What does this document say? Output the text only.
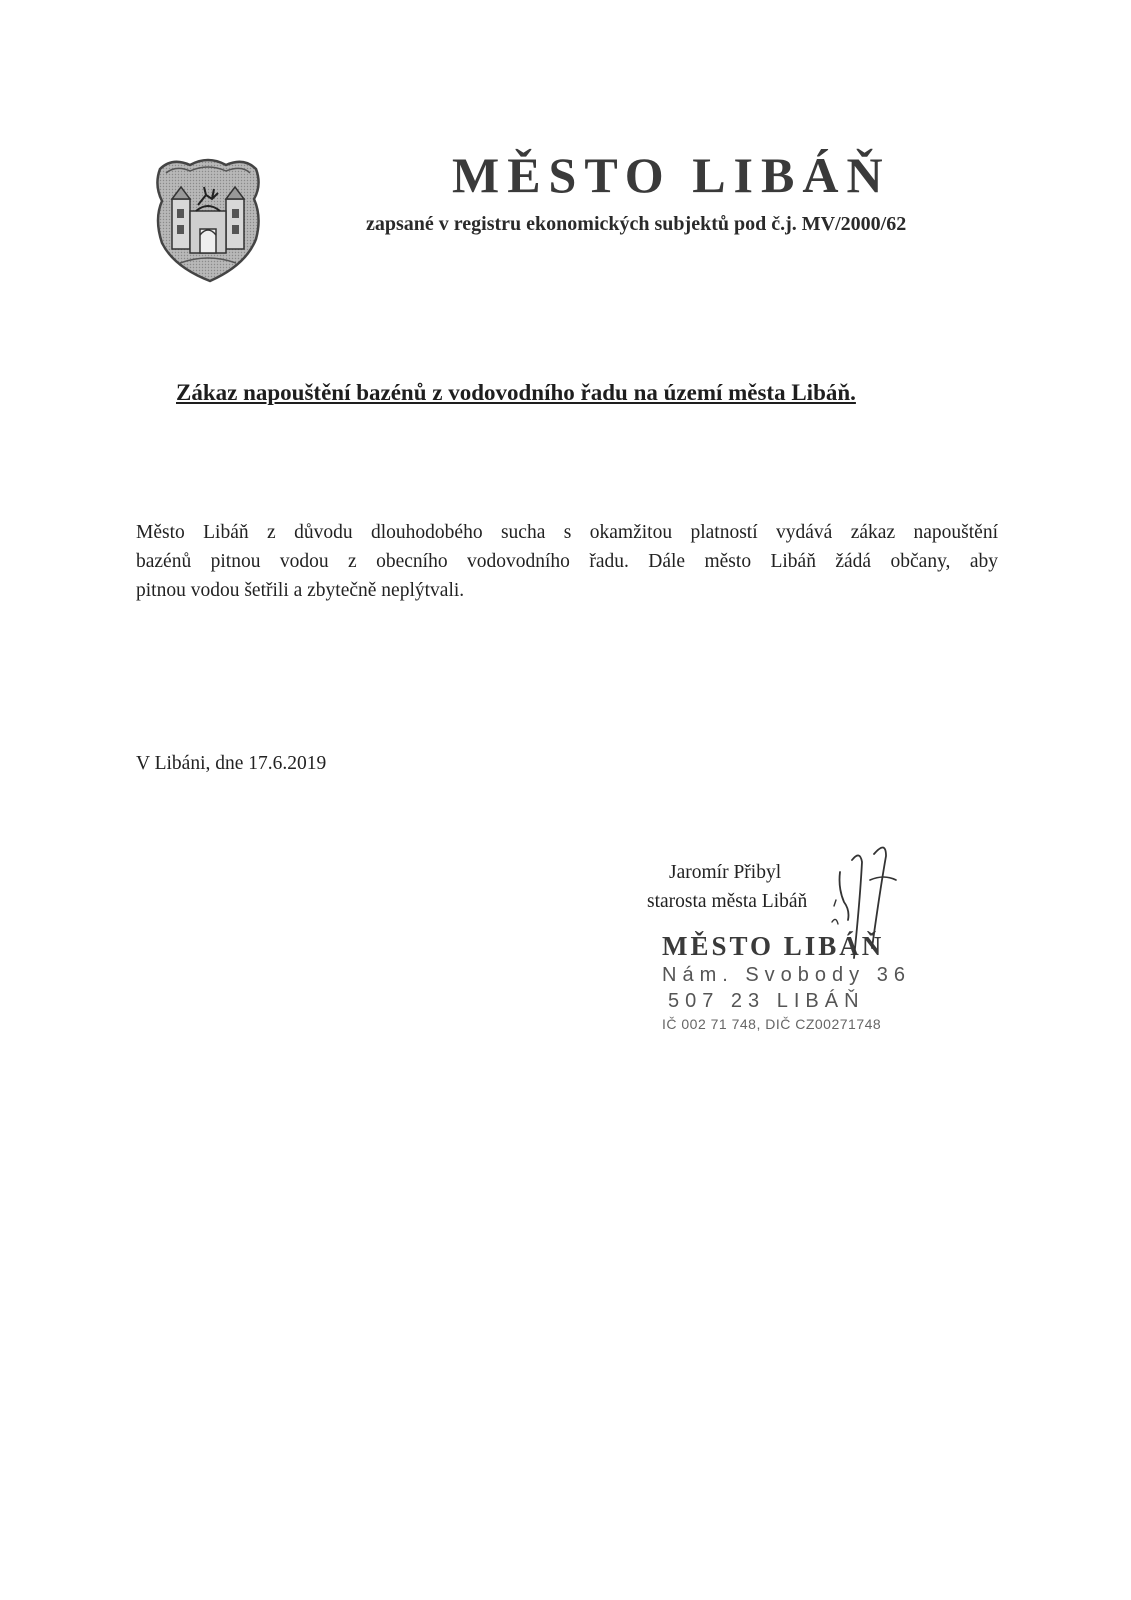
MĚSTO LIBÁŇ
zapsané v registru ekonomických subjektů pod č.j. MV/2000/62
Zákaz napouštění bazénů z vodovodního řadu na území města Libáň.
Město Libáň z důvodu dlouhodobého sucha s okamžitou platností vydává zákaz napouštění
bazénů pitnou vodou z obecního vodovodního řadu. Dále město Libáň žádá občany, aby
pitnou vodou šetřili a zbytečně neplýtvali.
V Libáni, dne 17.6.2019
Jaromír Přibyl
starosta města Libáň
MĚSTO LIBÁŇ
Nám. Svobody 36
507 23 LIBÁŇ
IČ 002 71 748, DIČ CZ00271748
